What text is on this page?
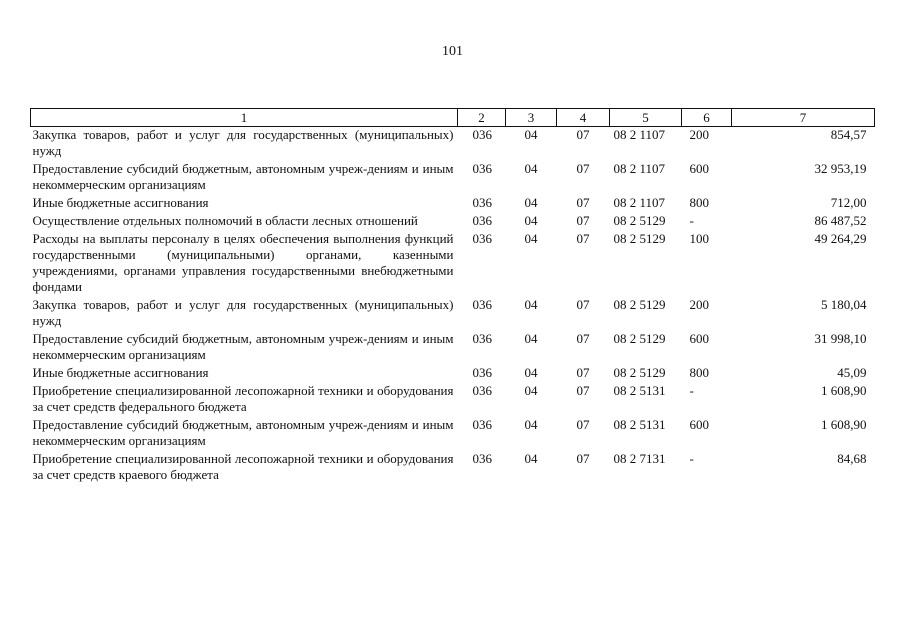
101
1	2	3	4	5	6	7
Закупка товаров, работ и услуг для государственных (муниципальных) нужд	036	04	07	08 2 1107	200	854,57
Предоставление субсидий бюджетным, автономным учреж-дениям и иным некоммерческим организациям	036	04	07	08 2 1107	600	32 953,19
Иные бюджетные ассигнования	036	04	07	08 2 1107	800	712,00
Осуществление отдельных полномочий в области лесных отношений	036	04	07	08 2 5129	-	86 487,52
Расходы на выплаты персоналу в целях обеспечения выполнения функций государственными (муниципальными) органами, казенными учреждениями, органами управления государственными внебюджетными фондами	036	04	07	08 2 5129	100	49 264,29
Закупка товаров, работ и услуг для государственных (муниципальных) нужд	036	04	07	08 2 5129	200	5 180,04
Предоставление субсидий бюджетным, автономным учреж-дениям и иным некоммерческим организациям	036	04	07	08 2 5129	600	31 998,10
Иные бюджетные ассигнования	036	04	07	08 2 5129	800	45,09
Приобретение специализированной лесопожарной техники и оборудования за счет средств федерального бюджета	036	04	07	08 2 5131	-	1 608,90
Предоставление субсидий бюджетным, автономным учреж-дениям и иным некоммерческим организациям	036	04	07	08 2 5131	600	1 608,90
Приобретение специализированной лесопожарной техники и оборудования за счет средств краевого бюджета	036	04	07	08 2 7131	-	84,68
